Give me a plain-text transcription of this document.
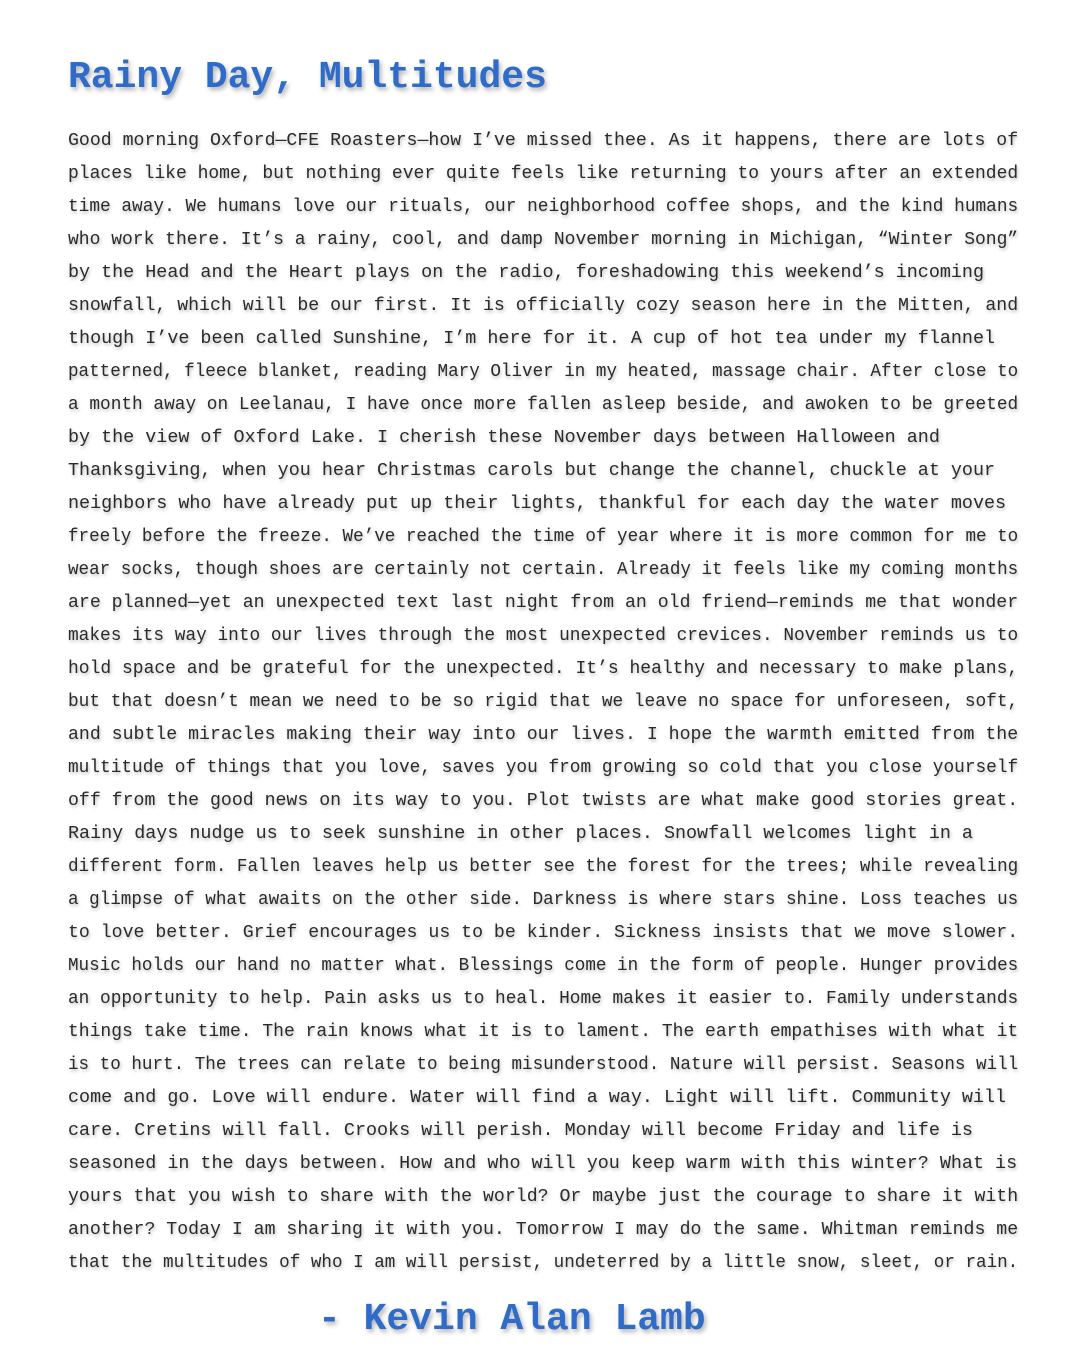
Rainy Day, Multitudes
Good morning Oxford—CFE Roasters—how I’ve missed thee. As it happens, there are lots of
places like home, but nothing ever quite feels like returning to yours after an extended
time away. We humans love our rituals, our neighborhood coffee shops, and the kind humans
who work there. It’s a rainy, cool, and damp November morning in Michigan, “Winter Song”
by the Head and the Heart plays on the radio, foreshadowing this weekend’s incoming
snowfall, which will be our first. It is officially cozy season here in the Mitten, and
though I’ve been called Sunshine, I’m here for it. A cup of hot tea under my flannel
patterned, fleece blanket, reading Mary Oliver in my heated, massage chair. After close to
a month away on Leelanau, I have once more fallen asleep beside, and awoken to be greeted
by the view of Oxford Lake. I cherish these November days between Halloween and
Thanksgiving, when you hear Christmas carols but change the channel, chuckle at your
neighbors who have already put up their lights, thankful for each day the water moves
freely before the freeze. We’ve reached the time of year where it is more common for me to
wear socks, though shoes are certainly not certain. Already it feels like my coming months
are planned—yet an unexpected text last night from an old friend—reminds me that wonder
makes its way into our lives through the most unexpected crevices. November reminds us to
hold space and be grateful for the unexpected. It’s healthy and necessary to make plans,
but that doesn’t mean we need to be so rigid that we leave no space for unforeseen, soft,
and subtle miracles making their way into our lives. I hope the warmth emitted from the
multitude of things that you love, saves you from growing so cold that you close yourself
off from the good news on its way to you. Plot twists are what make good stories great.
Rainy days nudge us to seek sunshine in other places. Snowfall welcomes light in a
different form. Fallen leaves help us better see the forest for the trees; while revealing
a glimpse of what awaits on the other side. Darkness is where stars shine. Loss teaches us
to love better. Grief encourages us to be kinder. Sickness insists that we move slower.
Music holds our hand no matter what. Blessings come in the form of people. Hunger provides
an opportunity to help. Pain asks us to heal. Home makes it easier to. Family understands
things take time. The rain knows what it is to lament. The earth empathises with what it
is to hurt. The trees can relate to being misunderstood. Nature will persist. Seasons will
come and go. Love will endure. Water will find a way. Light will lift. Community will
care. Cretins will fall. Crooks will perish. Monday will become Friday and life is
seasoned in the days between. How and who will you keep warm with this winter? What is
yours that you wish to share with the world? Or maybe just the courage to share it with
another? Today I am sharing it with you. Tomorrow I may do the same. Whitman reminds me
that the multitudes of who I am will persist, undeterred by a little snow, sleet, or rain.
- Kevin Alan Lamb
